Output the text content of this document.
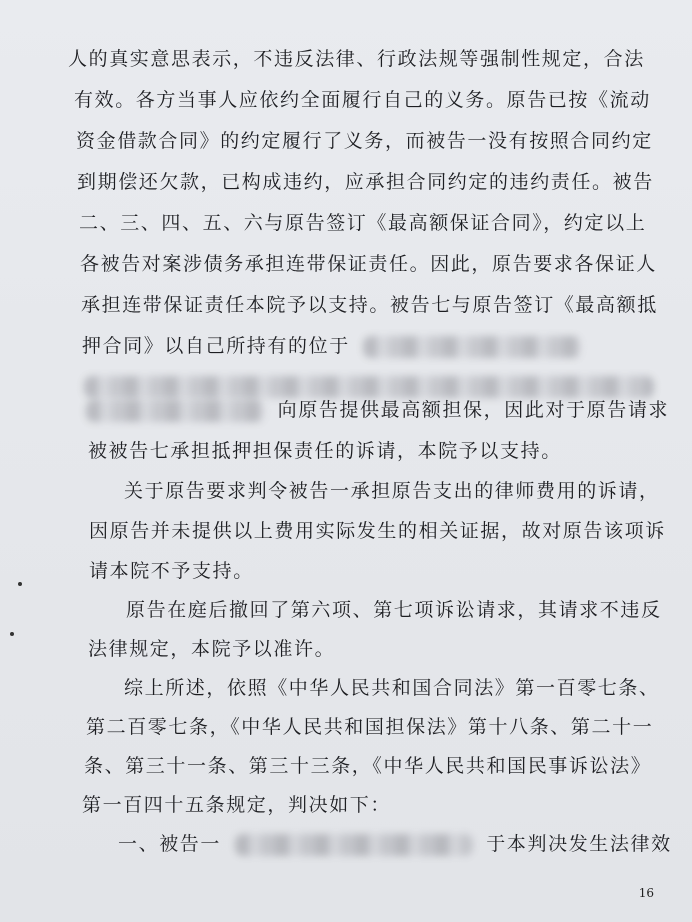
人的真实意思表示，不违反法律、行政法规等强制性规定，合法
有效。各方当事人应依约全面履行自己的义务。原告已按《流动
资金借款合同》的约定履行了义务，而被告一没有按照合同约定
到期偿还欠款，已构成违约，应承担合同约定的违约责任。被告
二、三、四、五、六与原告签订《最高额保证合同》，约定以上
各被告对案涉债务承担连带保证责任。因此，原告要求各保证人
承担连带保证责任本院予以支持。被告七与原告签订《最高额抵
押合同》以自己所持有的位于
向原告提供最高额担保，因此对于原告请求
被被告七承担抵押担保责任的诉请，本院予以支持。
关于原告要求判令被告一承担原告支出的律师费用的诉请，
因原告并未提供以上费用实际发生的相关证据，故对原告该项诉
请本院不予支持。
原告在庭后撤回了第六项、第七项诉讼请求，其请求不违反
法律规定，本院予以准许。
综上所述，依照《中华人民共和国合同法》第一百零七条、
第二百零七条，《中华人民共和国担保法》第十八条、第二十一
条、第三十一条、第三十三条，《中华人民共和国民事诉讼法》
第一百四十五条规定，判决如下：
一、被告一	于本判决发生法律效
16
